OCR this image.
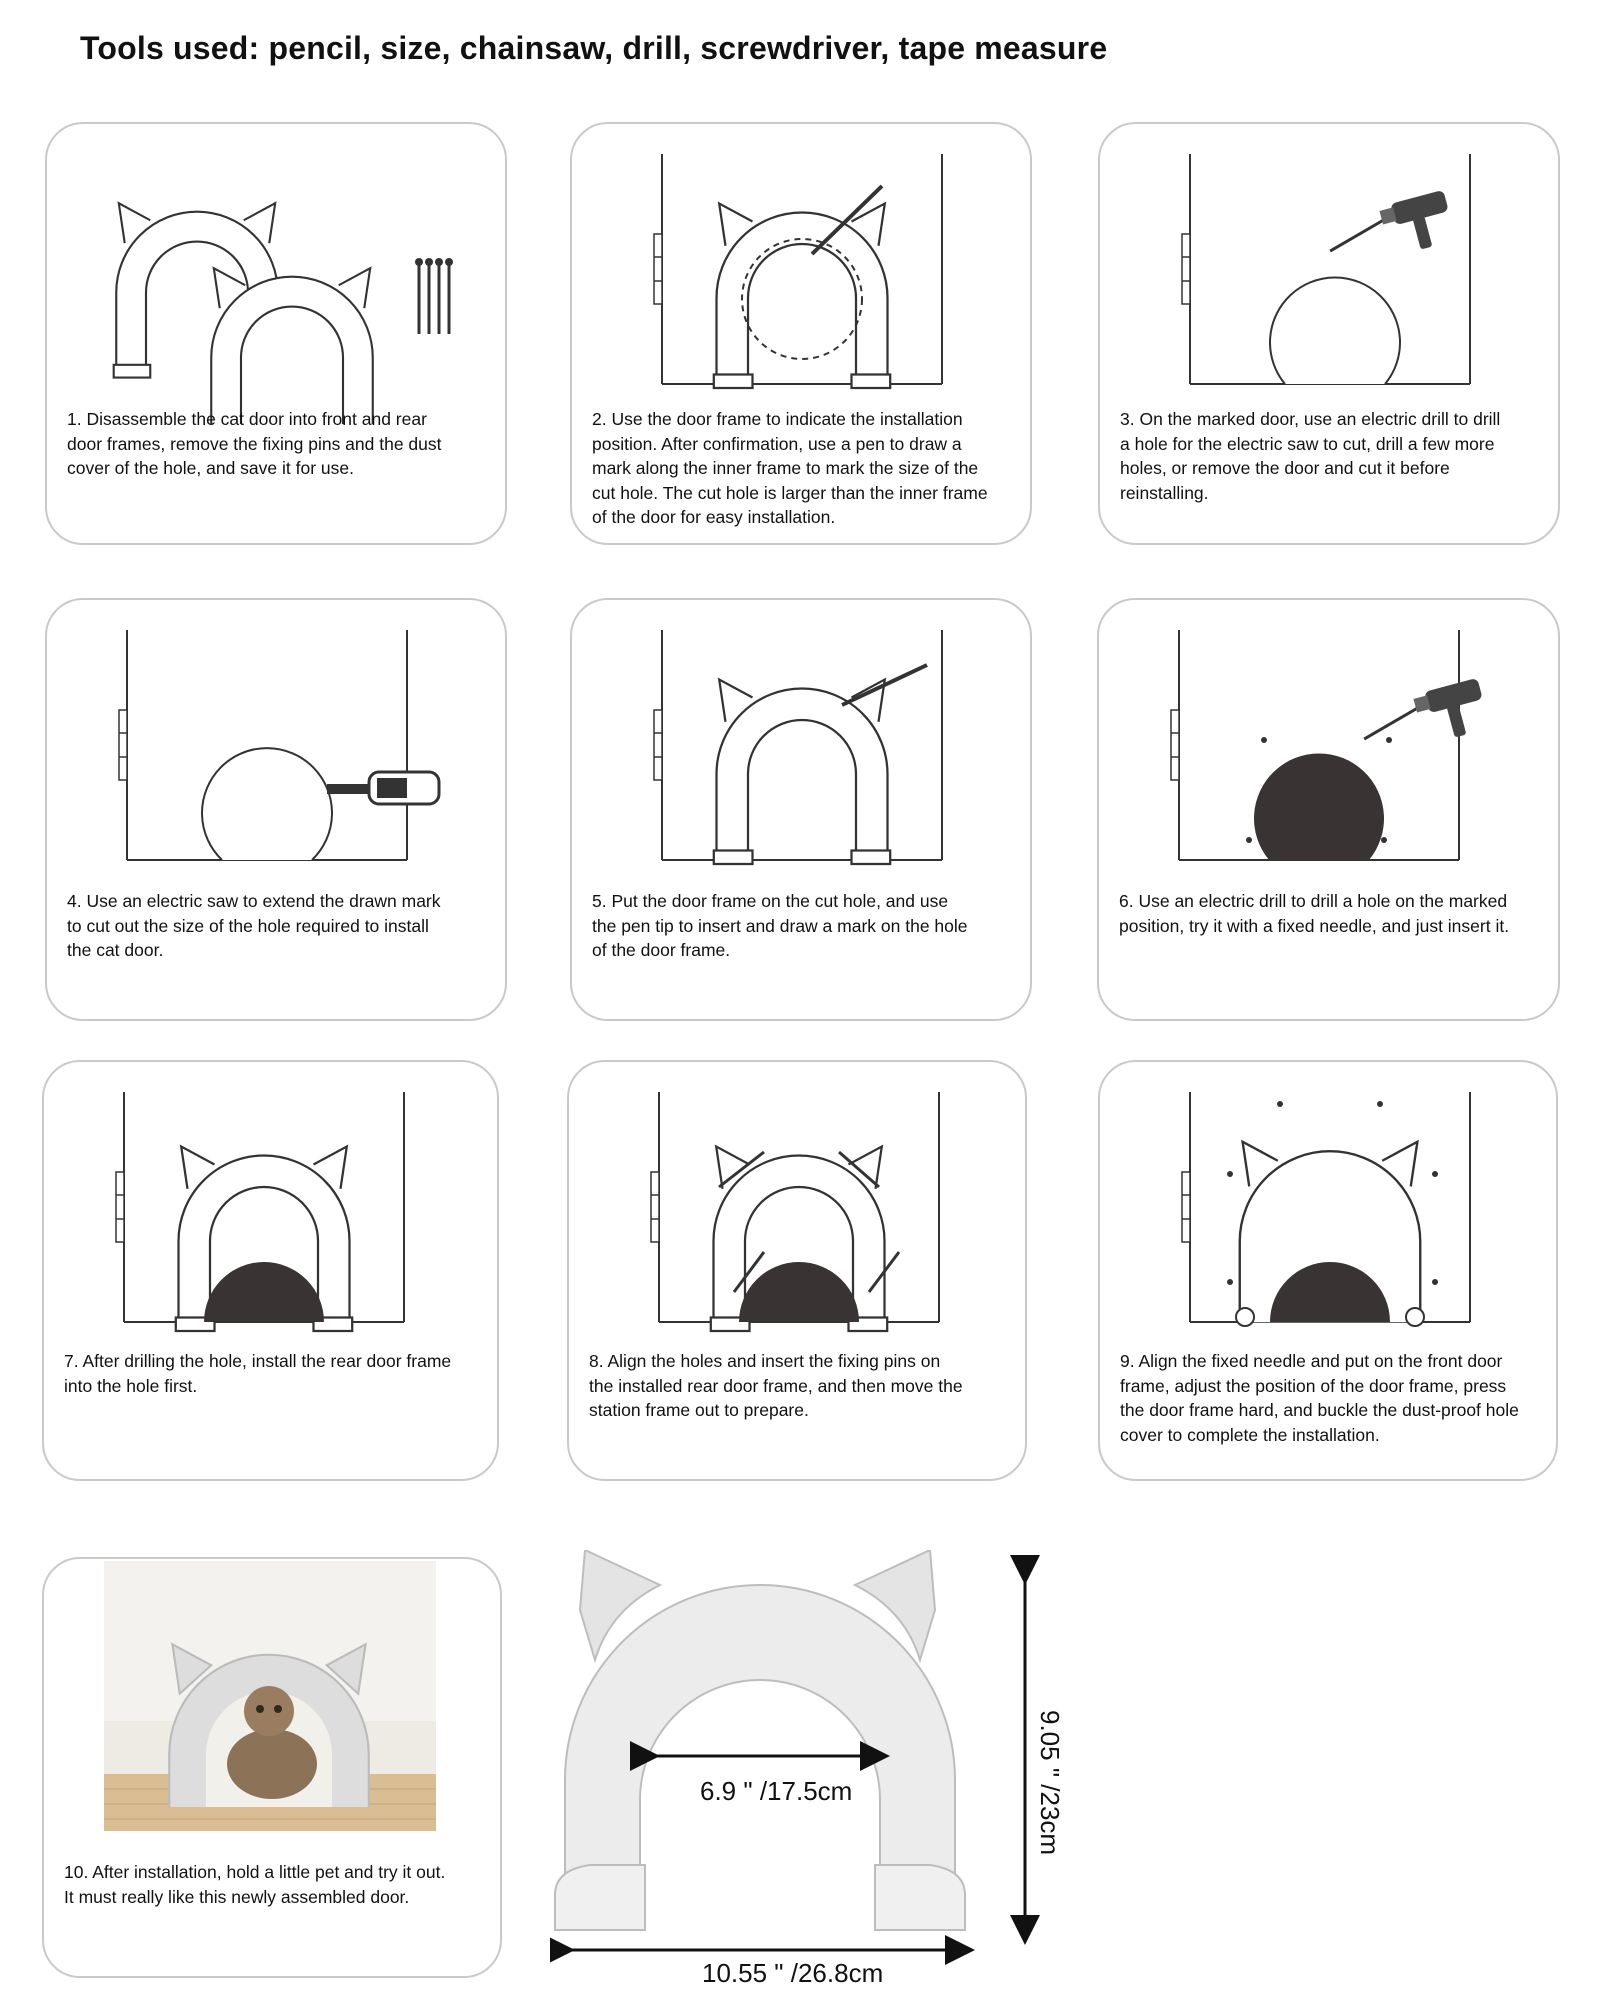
Tools used: pencil, size, chainsaw, drill, screwdriver, tape measure
1. Disassemble the cat door into front and rear
door frames, remove the fixing pins and the dust
cover of the hole, and save it for use.
2. Use the door frame to indicate the installation
position. After confirmation, use a pen to draw a
mark along the inner frame to mark the size of the
cut hole. The cut hole is larger than the inner frame
of the door for easy installation.
3. On the marked door, use an electric drill to drill
a hole for the electric saw to cut, drill a few more
holes, or remove the door and cut it before
reinstalling.
4. Use an electric saw to extend the drawn mark
to cut out the size of the hole required to install
the cat door.
5. Put the door frame on the cut hole, and use
the pen tip to insert and draw a mark on the hole
of the door frame.
6. Use an electric drill to drill a hole on the marked
position, try it with a fixed needle, and just insert it.
7. After drilling the hole, install the rear door frame
into the hole first.
8. Align the holes and insert the fixing pins on
the installed rear door frame, and then move the
station frame out to prepare.
9. Align the fixed needle and put on the front door
frame, adjust the position of the door frame, press
the door frame hard, and buckle the dust-proof hole
cover to complete the installation.
10. After installation, hold a little pet and try it out.
It must really like this newly assembled door.
6.9 " /17.5cm	9.05 " /23cm
10.55 " /26.8cm
